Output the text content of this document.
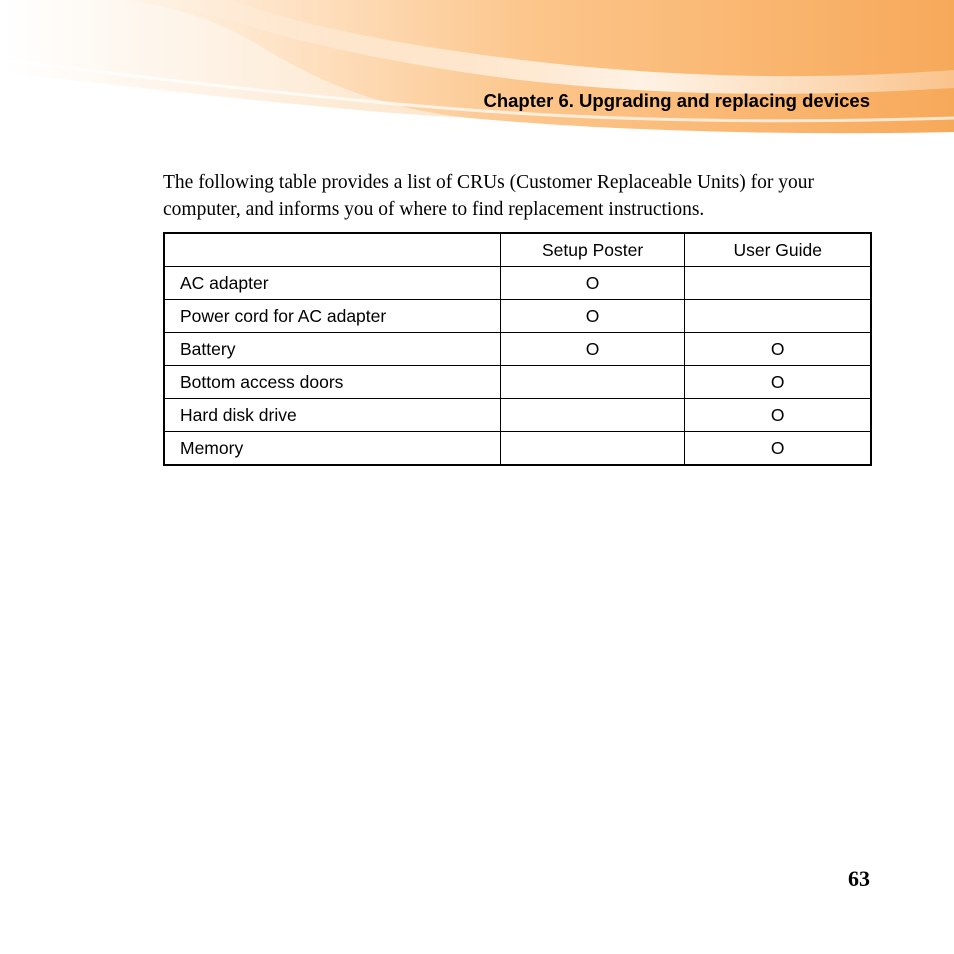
Chapter 6. Upgrading and replacing devices

The following table provides a list of CRUs (Customer Replaceable Units) for your computer, and informs you of where to find replacement instructions.

	Setup Poster	User Guide
AC adapter	O	
Power cord for AC adapter	O	
Battery	O	O
Bottom access doors		O
Hard disk drive		O
Memory		O
63
